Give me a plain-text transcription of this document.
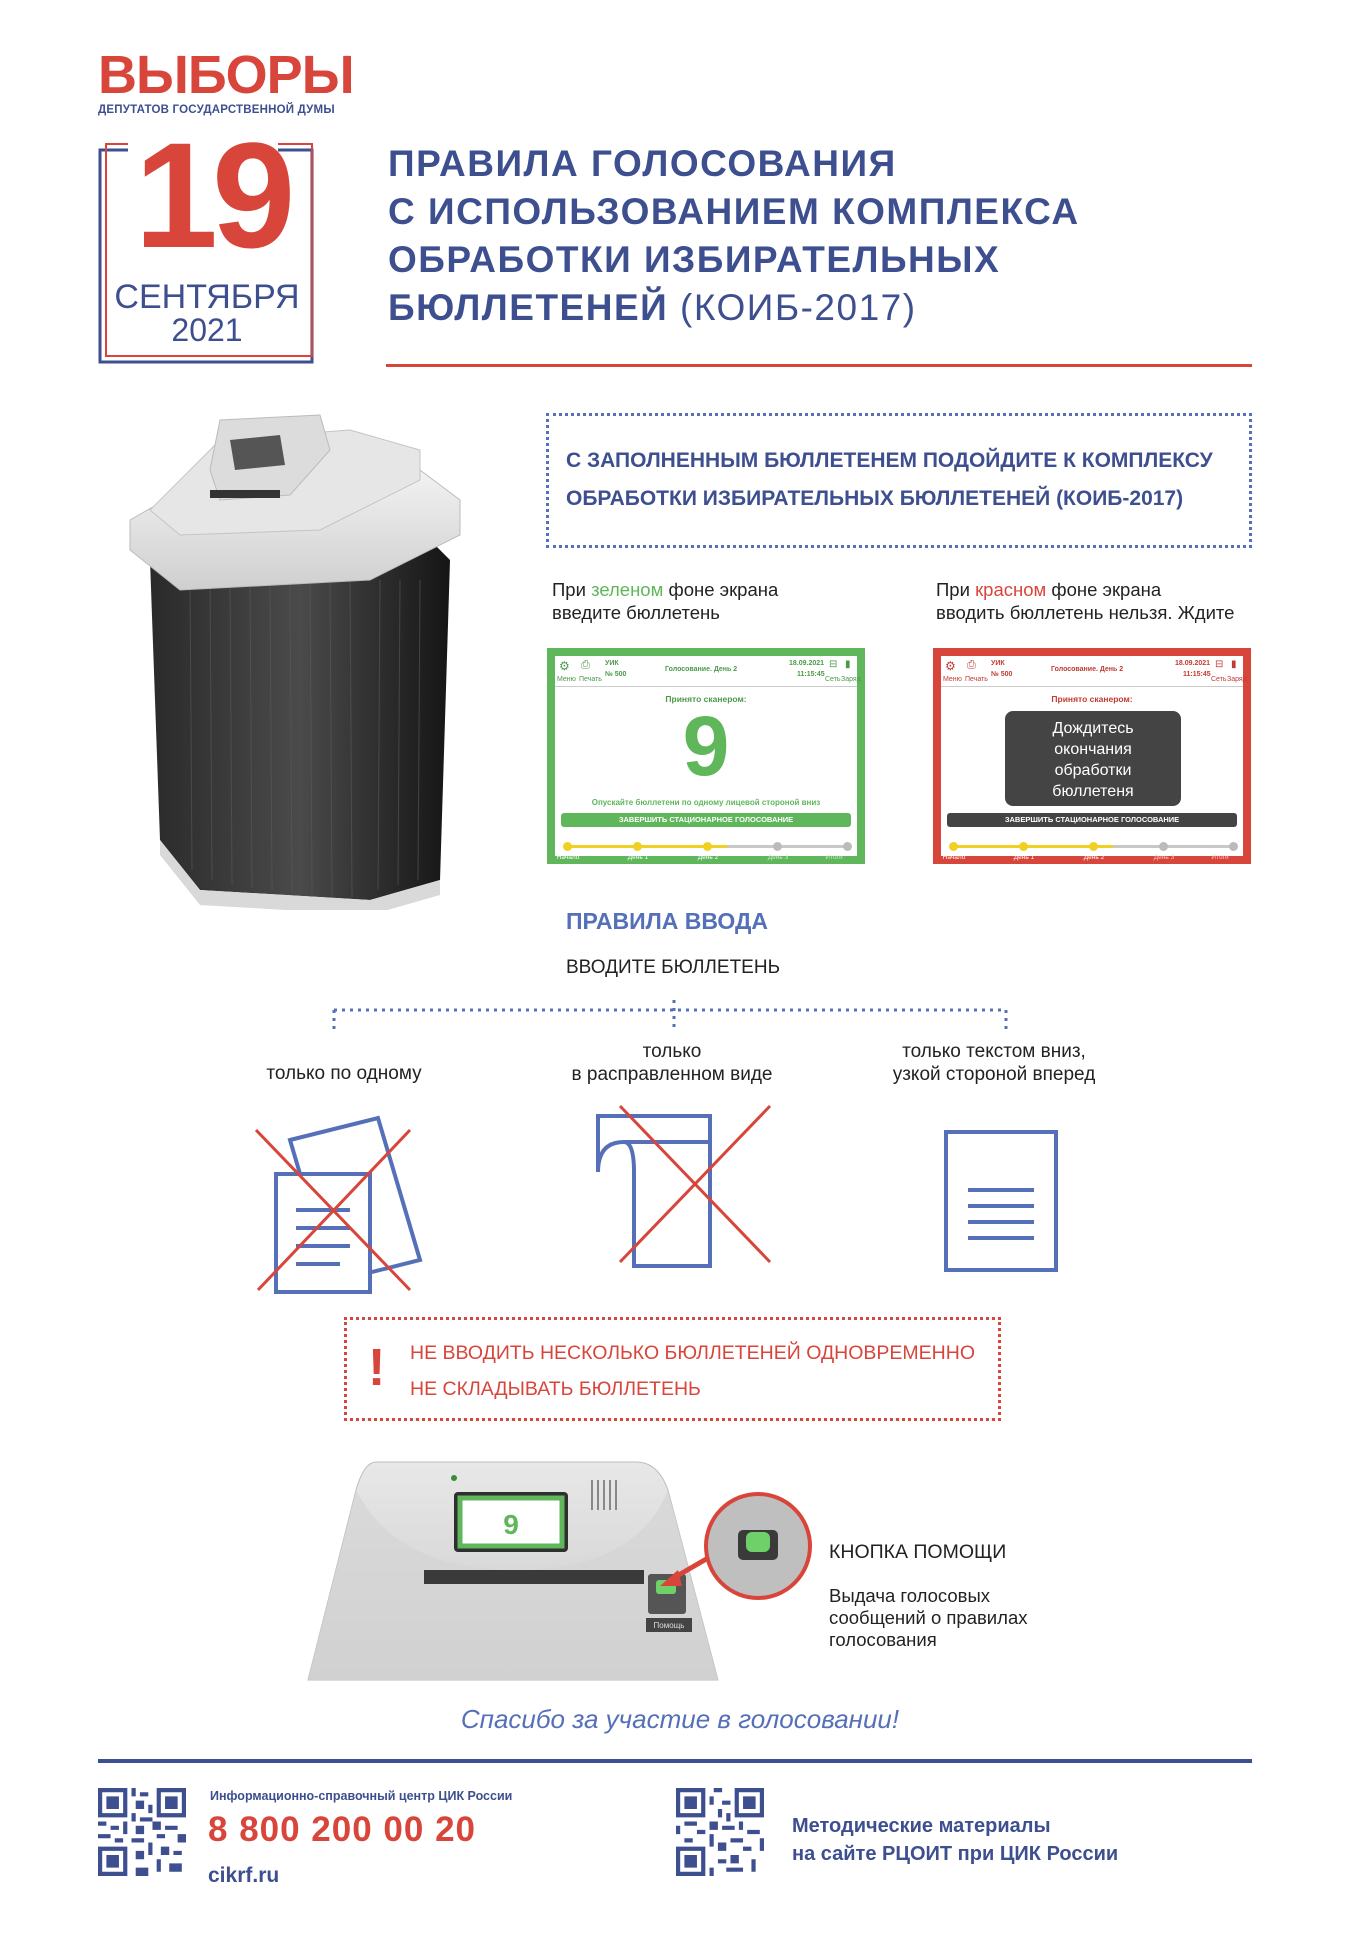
ВЫБОРЫ
ДЕПУТАТОВ ГОСУДАРСТВЕННОЙ ДУМЫ
19
СЕНТЯБРЯ
2021
ПРАВИЛА ГОЛОСОВАНИЯ
С ИСПОЛЬЗОВАНИЕМ КОМПЛЕКСА
ОБРАБОТКИ ИЗБИРАТЕЛЬНЫХ
БЮЛЛЕТЕНЕЙ (КОИБ-2017)
С ЗАПОЛНЕННЫМ БЮЛЛЕТЕНЕМ ПОДОЙДИТЕ К КОМПЛЕКСУ
ОБРАБОТКИ ИЗБИРАТЕЛЬНЫХ БЮЛЛЕТЕНЕЙ (КОИБ-2017)
При зеленом фоне экрана
введите бюллетень
При красном фоне экрана
вводить бюллетень нельзя. Ждите
⚙ ⎙
Меню Печать
УИК
№ 500
Голосование. День 2
18.09.2021
11:15:45
⊟ ▮
Сеть Заряд
Принято сканером:
9
Опускайте бюллетени по одному лицевой стороной вниз
ЗАВЕРШИТЬ СТАЦИОНАРНОЕ ГОЛОСОВАНИЕ
Начало	День 1	День 2	День 3	Итоги
⚙ ⎙
Меню Печать
УИК
№ 500
Голосование. День 2
18.09.2021
11:15:45
⊟ ▮
Сеть Заряд
Принято сканером:
Дождитесь
окончания
обработки
бюллетеня
ЗАВЕРШИТЬ СТАЦИОНАРНОЕ ГОЛОСОВАНИЕ
Начало	День 1	День 2	День 3	Итоги
ПРАВИЛА ВВОДА
ВВОДИТЕ БЮЛЛЕТЕНЬ
только по одному
только
в расправленном виде
только текстом вниз,
узкой стороной вперед
! НЕ ВВОДИТЬ НЕСКОЛЬКО БЮЛЛЕТЕНЕЙ ОДНОВРЕМЕННО
НЕ СКЛАДЫВАТЬ БЮЛЛЕТЕНЬ
9
Помощь
КНОПКА ПОМОЩИ
Выдача голосовых
сообщений о правилах
голосования
Спасибо за участие в голосовании!
Информационно-справочный центр ЦИК России
8 800 200 00 20
cikrf.ru
Методические материалы
на сайте РЦОИТ при ЦИК России
